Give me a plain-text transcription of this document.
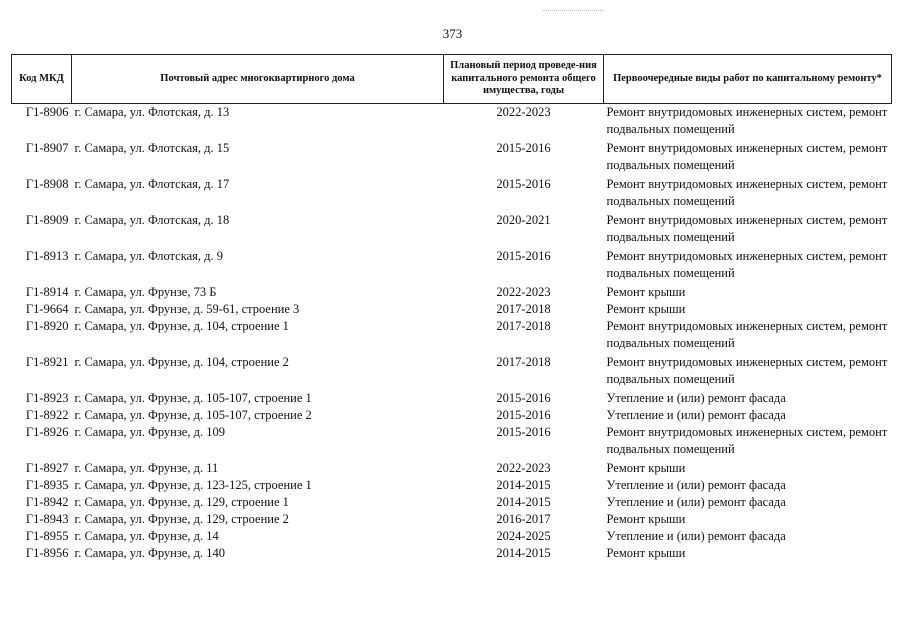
373
Код МКД	Почтовый адрес многоквартирного дома	Плановый период проведе-ния капитального ремонта общего имущества, годы	Первоочередные виды работ по капитальному ремонту*
Г1-8906	г. Самара, ул. Флотская, д. 13	2022-2023	Ремонт внутридомовых инженерных систем, ремонт подвальных помещений
Г1-8907	г. Самара, ул. Флотская, д. 15	2015-2016	Ремонт внутридомовых инженерных систем, ремонт подвальных помещений
Г1-8908	г. Самара, ул. Флотская, д. 17	2015-2016	Ремонт внутридомовых инженерных систем, ремонт подвальных помещений
Г1-8909	г. Самара, ул. Флотская, д. 18	2020-2021	Ремонт внутридомовых инженерных систем, ремонт подвальных помещений
Г1-8913	г. Самара, ул. Флотская, д. 9	2015-2016	Ремонт внутридомовых инженерных систем, ремонт подвальных помещений
Г1-8914	г. Самара, ул. Фрунзе, 73 Б	2022-2023	Ремонт крыши
Г1-9664	г. Самара, ул. Фрунзе, д. 59-61, строение 3	2017-2018	Ремонт крыши
Г1-8920	г. Самара, ул. Фрунзе, д. 104, строение 1	2017-2018	Ремонт внутридомовых инженерных систем, ремонт подвальных помещений
Г1-8921	г. Самара, ул. Фрунзе, д. 104, строение 2	2017-2018	Ремонт внутридомовых инженерных систем, ремонт подвальных помещений
Г1-8923	г. Самара, ул. Фрунзе, д. 105-107, строение 1	2015-2016	Утепление и (или) ремонт фасада
Г1-8922	г. Самара, ул. Фрунзе, д. 105-107, строение 2	2015-2016	Утепление и (или) ремонт фасада
Г1-8926	г. Самара, ул. Фрунзе, д. 109	2015-2016	Ремонт внутридомовых инженерных систем, ремонт подвальных помещений
Г1-8927	г. Самара, ул. Фрунзе, д. 11	2022-2023	Ремонт крыши
Г1-8935	г. Самара, ул. Фрунзе, д. 123-125, строение 1	2014-2015	Утепление и (или) ремонт фасада
Г1-8942	г. Самара, ул. Фрунзе, д. 129, строение 1	2014-2015	Утепление и (или) ремонт фасада
Г1-8943	г. Самара, ул. Фрунзе, д. 129, строение 2	2016-2017	Ремонт крыши
Г1-8955	г. Самара, ул. Фрунзе, д. 14	2024-2025	Утепление и (или) ремонт фасада
Г1-8956	г. Самара, ул. Фрунзе, д. 140	2014-2015	Ремонт крыши
